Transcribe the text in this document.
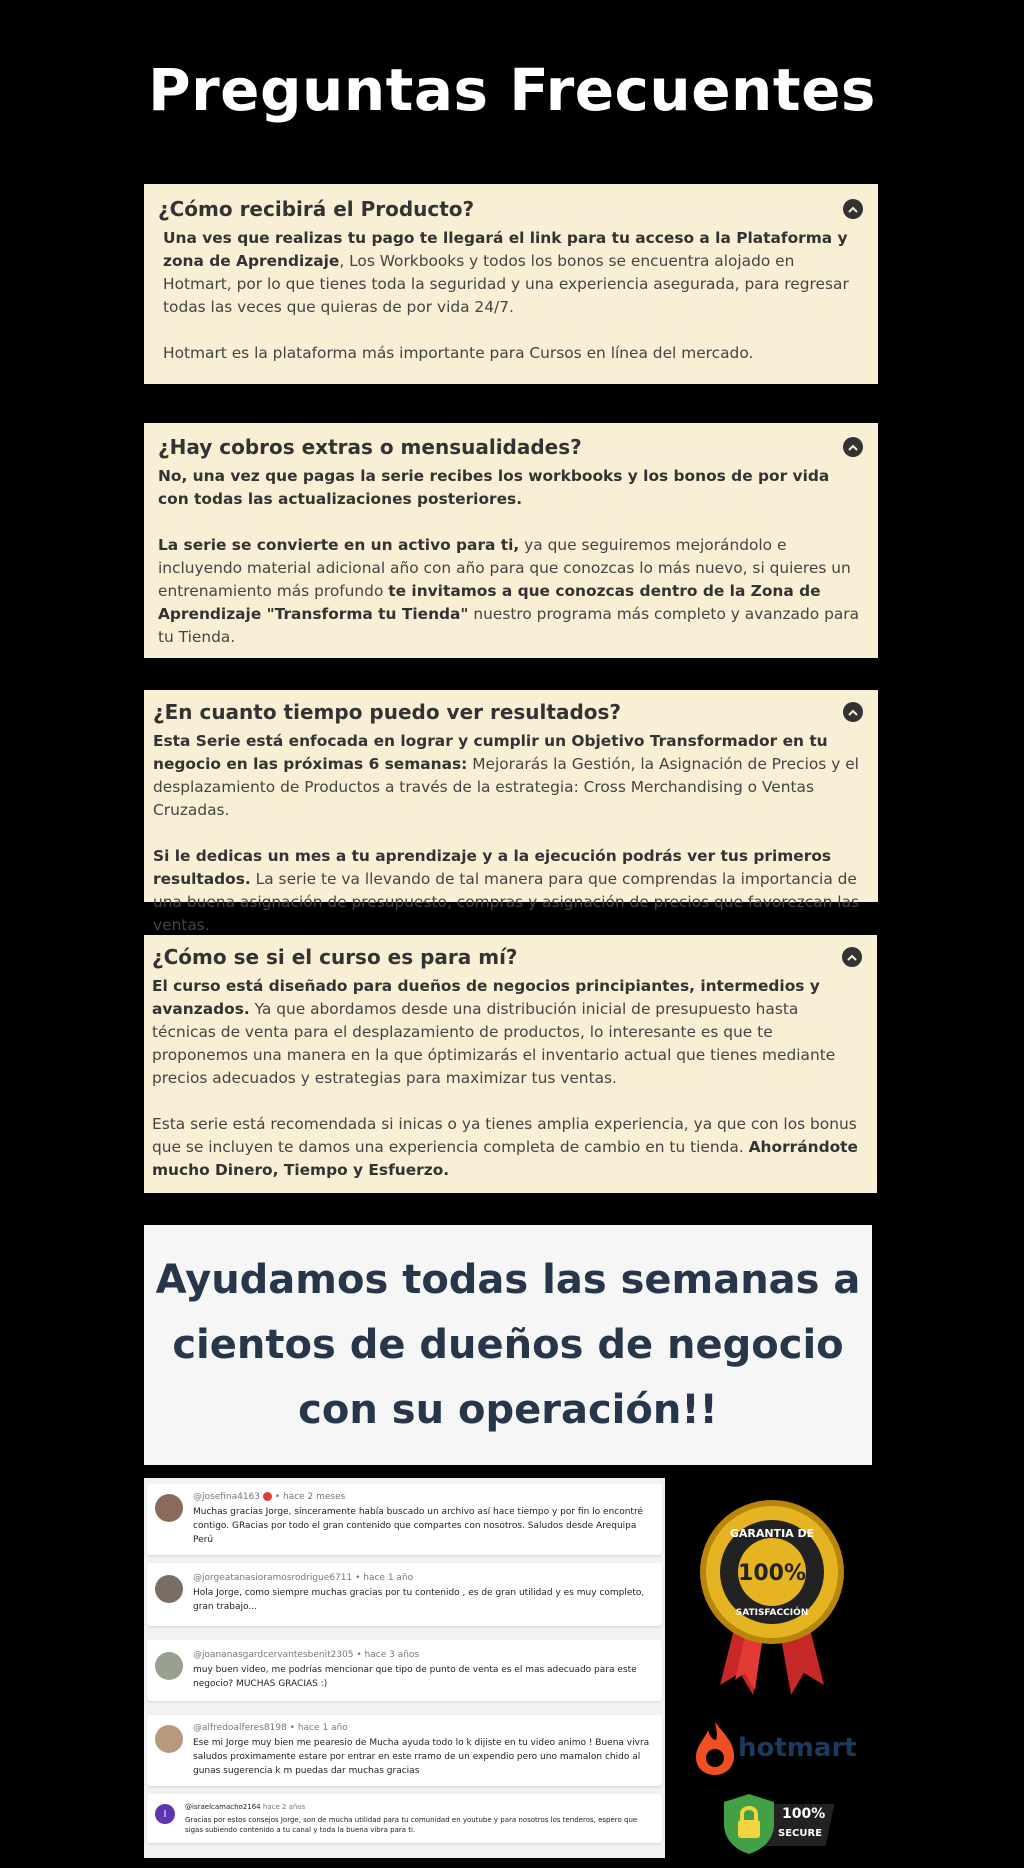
Preguntas Frecuentes
¿Cómo recibirá el Producto?

Una ves que realizas tu pago te llegará el link para tu acceso a la Plataforma y zona de Aprendizaje, Los Workbooks y todos los bonos se encuentra alojado en Hotmart, por lo que tienes toda la seguridad y una experiencia asegurada, para regresar todas las veces que quieras de por vida 24/7.

Hotmart es la plataforma más importante para Cursos en línea del mercado.

¿Hay cobros extras o mensualidades?

No, una vez que pagas la serie recibes los workbooks y los bonos de por vida con todas las actualizaciones posteriores.

La serie se convierte en un activo para ti, ya que seguiremos mejorándolo e incluyendo material adicional año con año para que conozcas lo más nuevo, si quieres un entrenamiento más profundo te invitamos a que conozcas dentro de la Zona de Aprendizaje "Transforma tu Tienda" nuestro programa más completo y avanzado para tu Tienda.

¿En cuanto tiempo puedo ver resultados?

Esta Serie está enfocada en lograr y cumplir un Objetivo Transformador en tu negocio en las próximas 6 semanas: Mejorarás la Gestión, la Asignación de Precios y el desplazamiento de Productos a través de la estrategia: Cross Merchandising o Ventas Cruzadas.

Si le dedicas un mes a tu aprendizaje y a la ejecución podrás ver tus primeros resultados. La serie te va llevando de tal manera para que comprendas la importancia de una buena asignación de presupuesto, compras y asignación de precios que favorezcan las ventas.

¿Cómo se si el curso es para mí?

El curso está diseñado para dueños de negocios principiantes, intermedios y avanzados. Ya que abordamos desde una distribución inicial de presupuesto hasta técnicas de venta para el desplazamiento de productos, lo interesante es que te proponemos una manera en la que óptimizarás el inventario actual que tienes mediante precios adecuados y estrategias para maximizar tus ventas.

Esta serie está recomendada si inicas o ya tienes amplia experiencia, ya que con los bonus que se incluyen te damos una experiencia completa de cambio en tu tienda. Ahorrándote mucho Dinero, Tiempo y Esfuerzo.

Ayudamos todas las semanas a cientos de dueños de negocio con su operación!!
@josefina4163  • hace 2 meses
Muchas gracias Jorge, sinceramente había buscado un archivo así hace tiempo y por fin lo encontré contigo. GRacias por todo el gran contenido que compartes con nosotros. Saludos desde Arequipa Perú
@jorgeatanasioramosrodrigue6711 • hace 1 año
Hola Jorge, como siempre muchas gracias por tu contenido , es de gran utilidad y es muy completo, gran trabajo...
@joananasgardcervantesbenit2305 • hace 3 años
muy buen video, me podrías mencionar que tipo de punto de venta es el mas adecuado para este negocio? MUCHAS GRACIAS :)
@alfredoalferes8198 • hace 1 año
Ese mi Jorge muy bien me pearesio de Mucha ayuda todo lo k dijiste en tu video animo ! Buena vivra saludos proximamente estare por entrar en este rramo de un expendio pero uno mamalon chido al gunas sugerencia k m puedas dar muchas gracias
I
@israelcamacho2164 hace 2 años
Gracias por estos consejos Jorge, son de mucha utilidad para tu comunidad en youtube y para nosotros los tenderos, espero que sigas subiendo contenido a tu canal y toda la buena vibra para ti.
GARANTIA DE
100%
SATISFACCIÓN
hotmart
100%
SECURE
